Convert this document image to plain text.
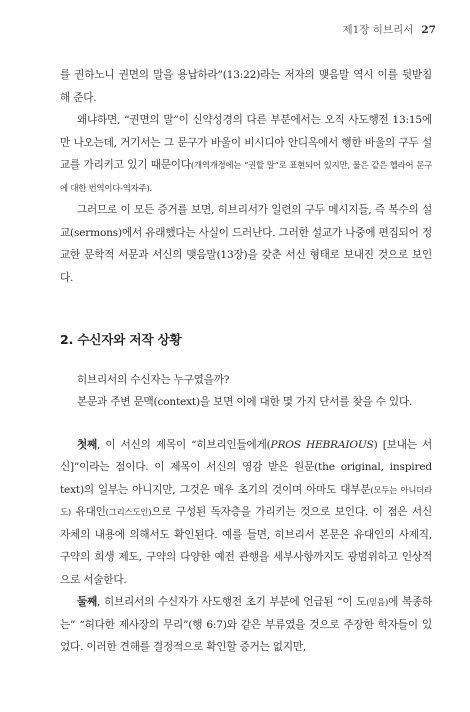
제1장 히브리서 27

를 권하노니 권면의 말을 용납하라”(13:22)라는 저자의 맺음말 역시 이를 뒷받침해 준다.

왜냐하면, “권면의 말”이 신약성경의 다른 부분에서는 오직 사도행전 13:15에만 나오는데, 거기서는 그 문구가 바울이 비시디아 안디옥에서 행한 바울의 구두 설교를 가리키고 있기 때문이다(개역개정에는 “권할 말”로 표현되어 있지만, 물은 같은 헬라어 문구에 대한 번역이다-역자주).

그러므로 이 모든 증거를 보면, 히브리서가 일련의 구두 메시지들, 즉 복수의 설교(sermons)에서 유래했다는 사실이 드러난다. 그러한 설교가 나중에 편집되어 정교한 문학적 서문과 서신의 맺음말(13장)을 갖춘 서신 형태로 보내진 것으로 보인다.

2. 수신자와 저작 상황

히브리서의 수신자는 누구였을까?

본문과 주변 문맥(context)을 보면 이에 대한 몇 가지 단서를 찾을 수 있다.

첫째, 이 서신의 제목이 “히브리인들에게(PROS HEBRAIOUS) [보내는 서신]”이라는 점이다. 이 제목이 서신의 영감 받은 원문(the original, inspired text)의 일부는 아니지만, 그것은 매우 초기의 것이며 아마도 대부분(모두는 아니더라도) 유대인(그리스도인)으로 구성된 독자층을 가리키는 것으로 보인다. 이 점은 서신 자체의 내용에 의해서도 확인된다. 예를 들면, 히브리서 본문은 유대인의 사제직, 구약의 희생 제도, 구약의 다양한 예전 관행을 세부사항까지도 광범위하고 인상적으로 서술한다.

둘째, 히브리서의 수신자가 사도행전 초기 부분에 언급된 “이 도(믿음)에 복종하는” “허다한 제사장의 무리”(행 6:7)와 같은 부류였을 것으로 주장한 학자들이 있었다. 이러한 견해를 결정적으로 확인할 증거는 없지만,
